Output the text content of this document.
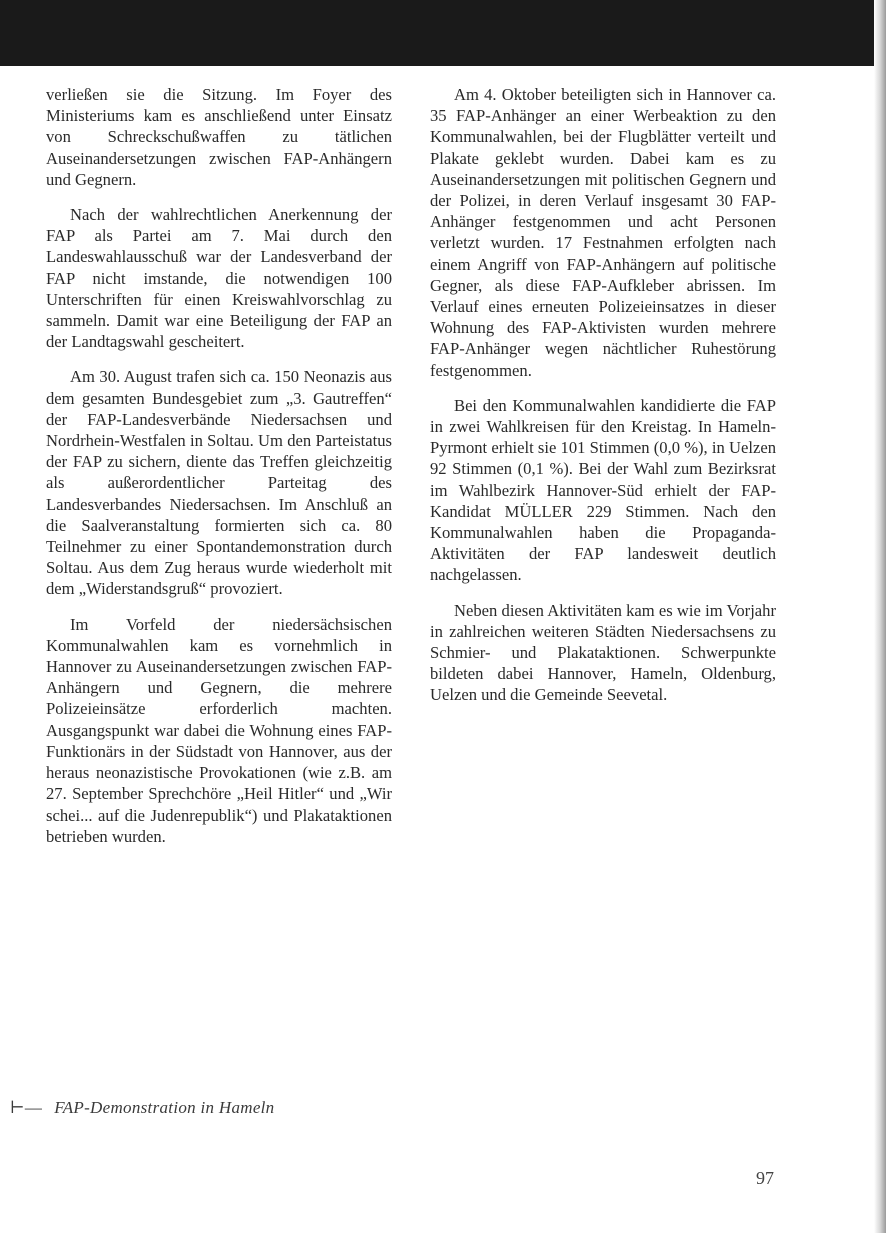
verließen sie die Sitzung. Im Foyer des Ministeriums kam es anschließend unter Einsatz von Schreckschußwaffen zu tätlichen Auseinandersetzungen zwischen FAP-Anhängern und Gegnern.

Nach der wahlrechtlichen Anerkennung der FAP als Partei am 7. Mai durch den Landeswahlausschuß war der Landesverband der FAP nicht imstande, die notwendigen 100 Unterschriften für einen Kreiswahlvorschlag zu sammeln. Damit war eine Beteiligung der FAP an der Landtagswahl gescheitert.

Am 30. August trafen sich ca. 150 Neonazis aus dem gesamten Bundesgebiet zum „3. Gautreffen“ der FAP-Landesverbände Niedersachsen und Nordrhein-Westfalen in Soltau. Um den Parteistatus der FAP zu sichern, diente das Treffen gleichzeitig als außerordentlicher Parteitag des Landesverbandes Niedersachsen. Im Anschluß an die Saalveranstaltung formierten sich ca. 80 Teilnehmer zu einer Spontandemonstration durch Soltau. Aus dem Zug heraus wurde wiederholt mit dem „Widerstandsgruß“ provoziert.

Im Vorfeld der niedersächsischen Kommunalwahlen kam es vornehmlich in Hannover zu Auseinandersetzungen zwischen FAP-Anhängern und Gegnern, die mehrere Polizeieinsätze erforderlich machten. Ausgangspunkt war dabei die Wohnung eines FAP-Funktionärs in der Südstadt von Hannover, aus der heraus neonazistische Provokationen (wie z.B. am 27. September Sprechchöre „Heil Hitler“ und „Wir schei... auf die Judenrepublik“) und Plakataktionen betrieben wurden.

Am 4. Oktober beteiligten sich in Hannover ca. 35 FAP-Anhänger an einer Werbeaktion zu den Kommunalwahlen, bei der Flugblätter verteilt und Plakate geklebt wurden. Dabei kam es zu Auseinandersetzungen mit politischen Gegnern und der Polizei, in deren Verlauf insgesamt 30 FAP-Anhänger festgenommen und acht Personen verletzt wurden. 17 Festnahmen erfolgten nach einem Angriff von FAP-Anhängern auf politische Gegner, als diese FAP-Aufkleber abrissen. Im Verlauf eines erneuten Polizeieinsatzes in dieser Wohnung des FAP-Aktivisten wurden mehrere FAP-Anhänger wegen nächtlicher Ruhestörung festgenommen.

Bei den Kommunalwahlen kandidierte die FAP in zwei Wahlkreisen für den Kreistag. In Hameln-Pyrmont erhielt sie 101 Stimmen (0,0 %), in Uelzen 92 Stimmen (0,1 %). Bei der Wahl zum Bezirksrat im Wahlbezirk Hannover-Süd erhielt der FAP-Kandidat MÜLLER 229 Stimmen. Nach den Kommunalwahlen haben die Propaganda-Aktivitäten der FAP landesweit deutlich nachgelassen.

Neben diesen Aktivitäten kam es wie im Vorjahr in zahlreichen weiteren Städten Niedersachsens zu Schmier- und Plakataktionen. Schwerpunkte bildeten dabei Hannover, Hameln, Oldenburg, Uelzen und die Gemeinde Seevetal.

⊢— FAP-Demonstration in Hameln
97
